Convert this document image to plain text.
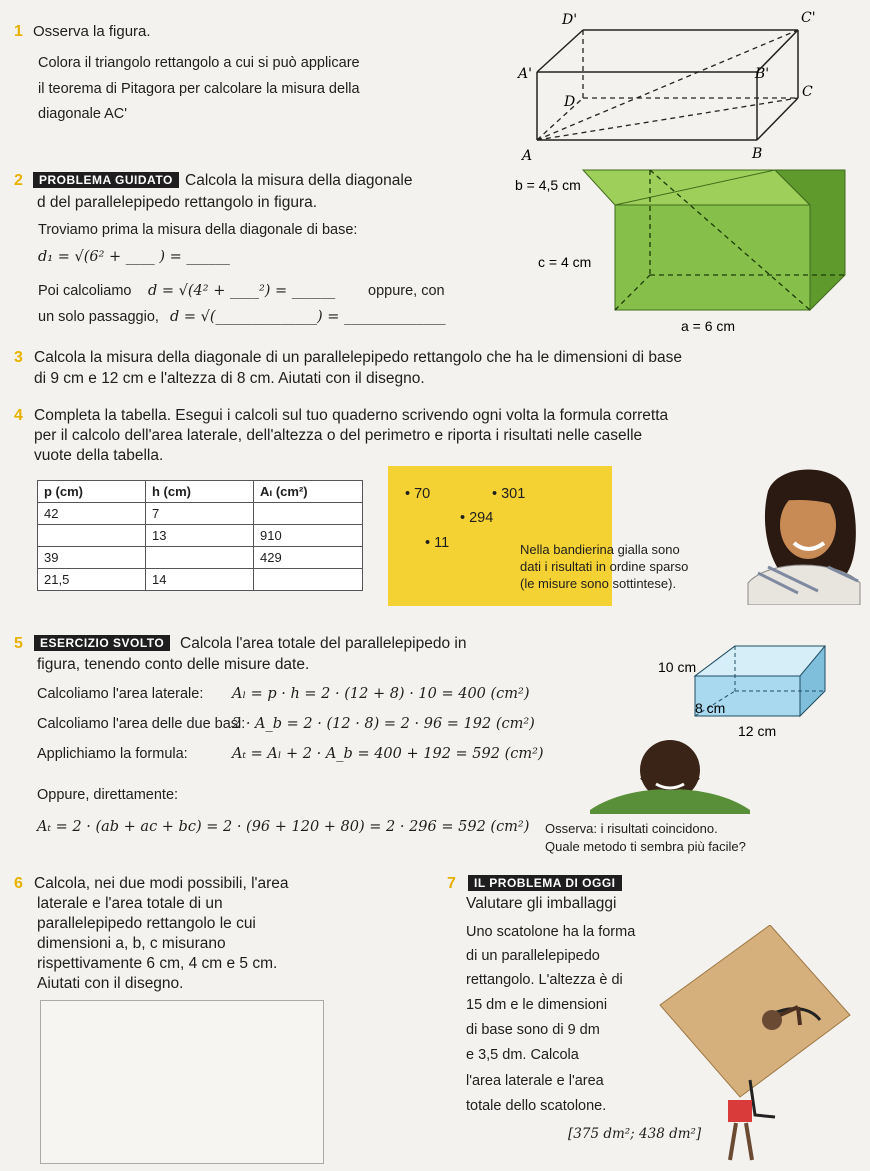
1 Osserva la figura.
Colora il triangolo rettangolo a cui si può applicare
il teorema di Pitagora per calcolare la misura della
diagonale AC'
D'	C'
A'	B'
D
C
A	B
2	PROBLEMA GUIDATO Calcola la misura della diagonale
d del parallelepipedo rettangolo in figura.
Troviamo prima la misura della diagonale di base:
d₁ = √(6² + ____ ) = ______
Poi calcoliamo d = √(4² + ____²) = ______ oppure, con
un solo passaggio, d = √(______________) = ______________
b = 4,5 cm
c = 4 cm
a = 6 cm
3 Calcola la misura della diagonale di un parallelepipedo rettangolo che ha le dimensioni di base
di 9 cm e 12 cm e l'altezza di 8 cm. Aiutati con il disegno.
4 Completa la tabella. Esegui i calcoli sul tuo quaderno scrivendo ogni volta la formula corretta
per il calcolo dell'area laterale, dell'altezza o del perimetro e riporta i risultati nelle caselle
vuote della tabella.
p (cm)	h (cm)	Aₗ (cm²)
42	7	
	13	910
39		429
21,5	14	
• 70	• 301
• 294
• 11	Nella bandierina gialla sono
dati i risultati in ordine sparso
(le misure sono sottintese).
5	ESERCIZIO SVOLTO	Calcola l'area totale del parallelepipedo in
figura, tenendo conto delle misure date.
Calcoliamo l'area laterale: Aₗ = p · h = 2 · (12 + 8) · 10 = 400 (cm²)
Calcoliamo l'area delle due basi:
2 · A_b = 2 · (12 · 8) = 2 · 96 = 192 (cm²)
Applichiamo la formula:	Aₜ = Aₗ + 2 · A_b = 400 + 192 = 592 (cm²)
Oppure, direttamente:
Aₜ = 2 · (ab + ac + bc) = 2 · (96 + 120 + 80) = 2 · 296 = 592 (cm²) Osserva: i risultati coincidono.
Quale metodo ti sembra più facile?
10 cm
8 cm
12 cm
6 Calcola, nei due modi possibili, l'area
laterale e l'area totale di un
parallelepipedo rettangolo le cui
dimensioni a, b, c misurano
rispettivamente 6 cm, 4 cm e 5 cm.
Aiutati con il disegno.
7	IL PROBLEMA DI OGGI
Valutare gli imballaggi
Uno scatolone ha la forma
di un parallelepipedo
rettangolo. L'altezza è di
15 dm e le dimensioni
di base sono di 9 dm
e 3,5 dm. Calcola
l'area laterale e l'area
totale dello scatolone.
[375 dm²; 438 dm²]
